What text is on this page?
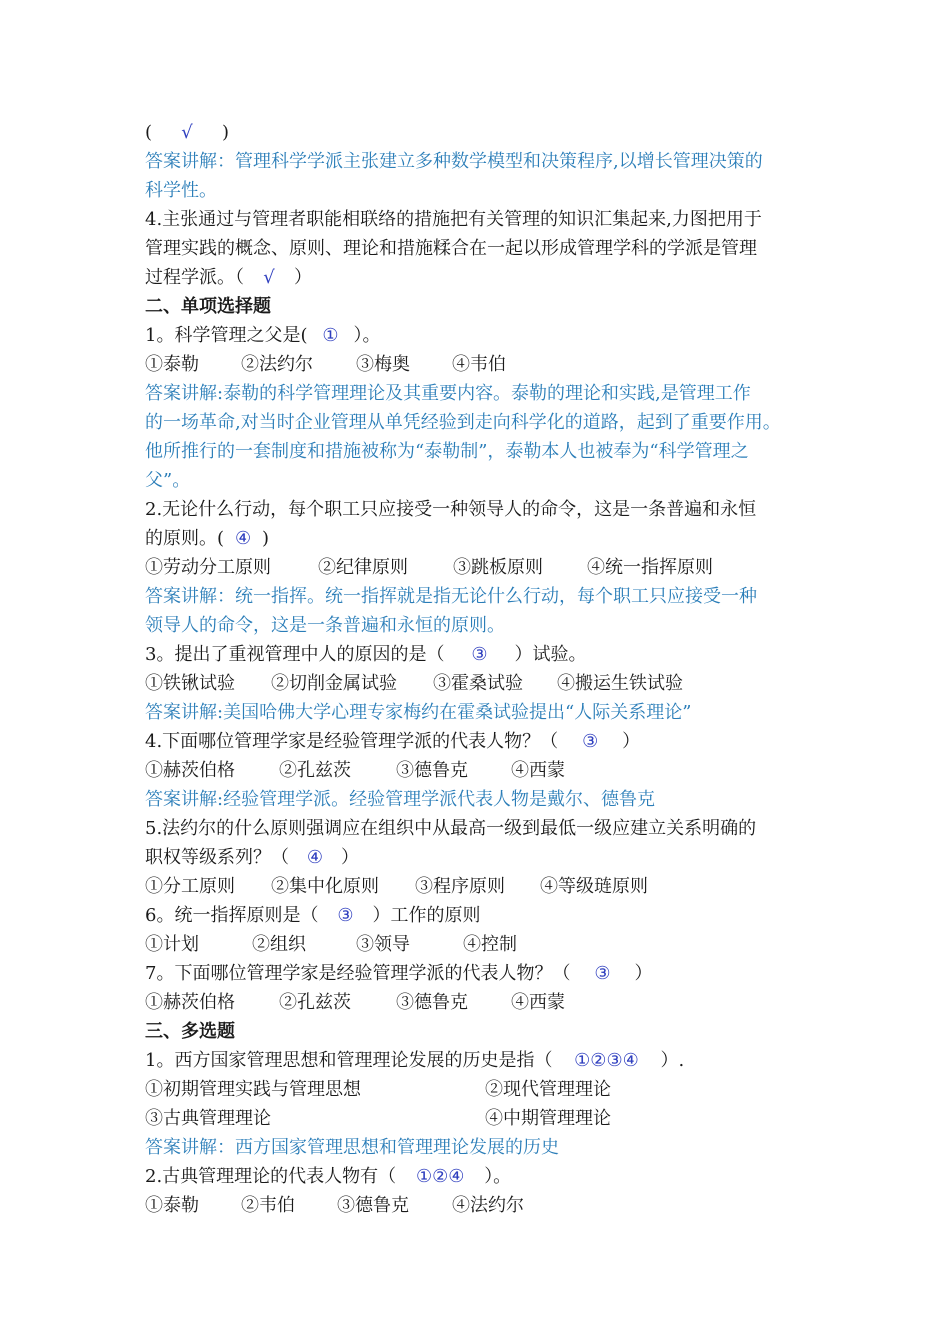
( √ )
答案讲解：管理科学学派主张建立多种数学模型和决策程序,以增长管理决策的
科学性。
4.主张通过与管理者职能相联络的措施把有关管理的知识汇集起来,力图把用于
管理实践的概念、原则、理论和措施糅合在一起以形成管理学科的学派是管理
过程学派。（ √ ）
二、单项选择题
1。科学管理之父是( ① ）。
①泰勒 ②法约尔 ③梅奥 ④韦伯
答案讲解:泰勒的科学管理理论及其重要内容。泰勒的理论和实践,是管理工作
的一场革命,对当时企业管理从单凭经验到走向科学化的道路，起到了重要作用。
他所推行的一套制度和措施被称为“泰勒制”，泰勒本人也被奉为“科学管理之
父”。
2.无论什么行动，每个职工只应接受一种领导人的命令，这是一条普遍和永恒
的原则。( ④ )
①劳动分工原则	②纪律原则	③跳板原则 ④统一指挥原则
答案讲解：统一指挥。统一指挥就是指无论什么行动，每个职工只应接受一种
领导人的命令，这是一条普遍和永恒的原则。
3。提出了重视管理中人的原因的是（ ③ ）试验。
①铁锹试验 ②切削金属试验 ③霍桑试验 ④搬运生铁试验
答案讲解:美国哈佛大学心理专家梅约在霍桑试验提出“人际关系理论”
4.下面哪位管理学家是经验管理学派的代表人物？（ ③ ）
①赫茨伯格 ②孔兹茨	③德鲁克 ④西蒙
答案讲解:经验管理学派。经验管理学派代表人物是戴尔、德鲁克
5.法约尔的什么原则强调应在组织中从最高一级到最低一级应建立关系明确的
职权等级系列？（ ④ ）
①分工原则 ②集中化原则 ③程序原则 ④等级琏原则
6。统一指挥原则是（ ③ ）工作的原则
①计划	②组织	③领导	④控制
7。下面哪位管理学家是经验管理学派的代表人物？（ ③ ）
①赫茨伯格 ②孔兹茨	③德鲁克 ④西蒙
三、多选题
1。西方国家管理思想和管理理论发展的历史是指（ ①②③④ ）.
①初期管理实践与管理思想	②现代管理理论
③古典管理理论	④中期管理理论
答案讲解：西方国家管理思想和管理理论发展的历史
2.古典管理理论的代表人物有（ ①②④ ）。
①泰勒 ②韦伯 ③德鲁克 ④法约尔
